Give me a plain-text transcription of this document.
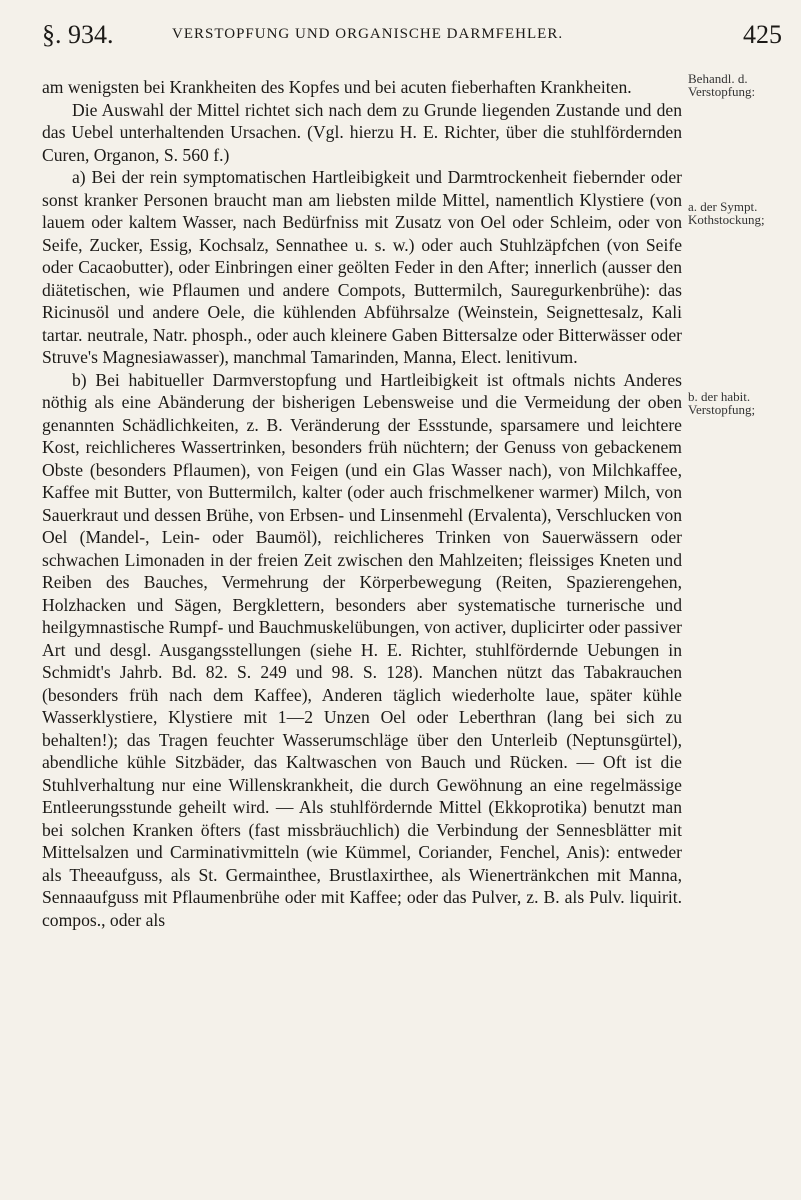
§. 934.	VERSTOPFUNG UND ORGANISCHE DARMFEHLER.	425
Behandl. d. Verstopfung:
a. der Sympt. Kothstockung;
b. der habit. Verstopfung;

am wenigsten bei Krankheiten des Kopfes und bei acuten fieberhaften Krankheiten.

Die Auswahl der Mittel richtet sich nach dem zu Grunde liegenden Zustande und den das Uebel unterhaltenden Ursachen. (Vgl. hierzu H. E. Richter, über die stuhlfördernden Curen, Organon, S. 560 f.)

a) Bei der rein symptomatischen Hartleibigkeit und Darmtrockenheit fiebernder oder sonst kranker Personen braucht man am liebsten milde Mittel, namentlich Klystiere (von lauem oder kaltem Wasser, nach Bedürfniss mit Zusatz von Oel oder Schleim, oder von Seife, Zucker, Essig, Kochsalz, Sennathee u. s. w.) oder auch Stuhlzäpfchen (von Seife oder Cacaobutter), oder Einbringen einer geölten Feder in den After; innerlich (ausser den diätetischen, wie Pflaumen und andere Compots, Buttermilch, Sauregurkenbrühe): das Ricinusöl und andere Oele, die kühlenden Abführsalze (Weinstein, Seignettesalz, Kali tartar. neutrale, Natr. phosph., oder auch kleinere Gaben Bittersalze oder Bitterwässer oder Struve's Magnesiawasser), manchmal Tamarinden, Manna, Elect. lenitivum.

b) Bei habitueller Darmverstopfung und Hartleibigkeit ist oftmals nichts Anderes nöthig als eine Abänderung der bisherigen Lebensweise und die Vermeidung der oben genannten Schädlichkeiten, z. B. Veränderung der Essstunde, sparsamere und leichtere Kost, reichlicheres Wassertrinken, besonders früh nüchtern; der Genuss von gebackenem Obste (besonders Pflaumen), von Feigen (und ein Glas Wasser nach), von Milchkaffee, Kaffee mit Butter, von Buttermilch, kalter (oder auch frischmelkener warmer) Milch, von Sauerkraut und dessen Brühe, von Erbsen- und Linsenmehl (Ervalenta), Verschlucken von Oel (Mandel-, Lein- oder Baumöl), reichlicheres Trinken von Sauerwässern oder schwachen Limonaden in der freien Zeit zwischen den Mahlzeiten; fleissiges Kneten und Reiben des Bauches, Vermehrung der Körperbewegung (Reiten, Spazierengehen, Holzhacken und Sägen, Bergklettern, besonders aber systematische turnerische und heilgymnastische Rumpf- und Bauchmuskelübungen, von activer, duplicirter oder passiver Art und desgl. Ausgangsstellungen (siehe H. E. Richter, stuhlfördernde Uebungen in Schmidt's Jahrb. Bd. 82. S. 249 und 98. S. 128). Manchen nützt das Tabakrauchen (besonders früh nach dem Kaffee), Anderen täglich wiederholte laue, später kühle Wasserklystiere, Klystiere mit 1—2 Unzen Oel oder Leberthran (lang bei sich zu behalten!); das Tragen feuchter Wasserumschläge über den Unterleib (Neptunsgürtel), abendliche kühle Sitzbäder, das Kaltwaschen von Bauch und Rücken. — Oft ist die Stuhlverhaltung nur eine Willenskrankheit, die durch Gewöhnung an eine regelmässige Entleerungsstunde geheilt wird. — Als stuhlfördernde Mittel (Ekkoprotika) benutzt man bei solchen Kranken öfters (fast missbräuchlich) die Verbindung der Sennesblätter mit Mittelsalzen und Carminativmitteln (wie Kümmel, Coriander, Fenchel, Anis): entweder als Theeaufguss, als St. Germainthee, Brustlaxirthee, als Wienertränkchen mit Manna, Sennaaufguss mit Pflaumenbrühe oder mit Kaffee; oder das Pulver, z. B. als Pulv. liquirit. compos., oder als
